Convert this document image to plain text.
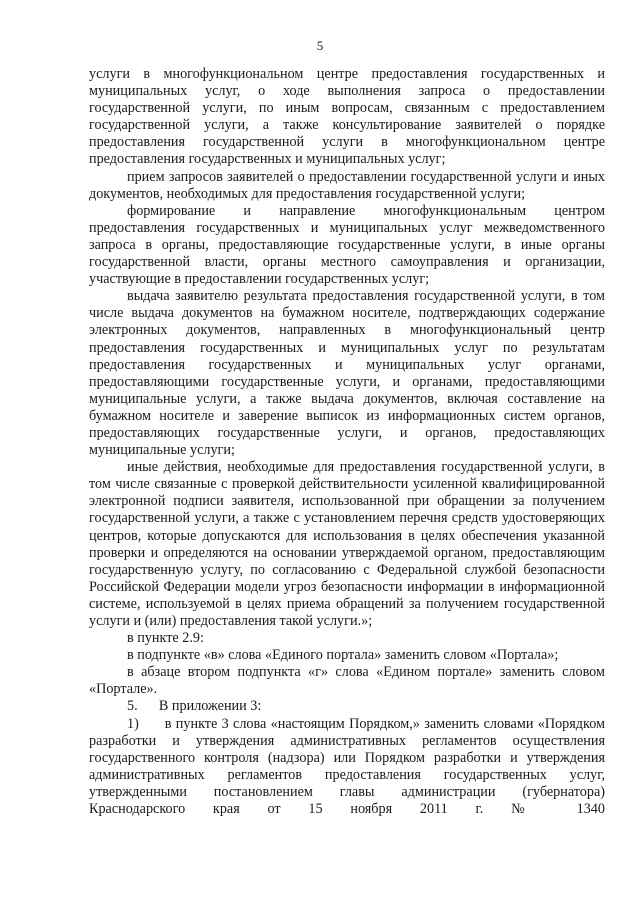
5

услуги в многофункциональном центре предоставления государственных и муниципальных услуг, о ходе выполнения запроса о предоставлении государственной услуги, по иным вопросам, связанным с предоставлением государственной услуги, а также консультирование заявителей о порядке предоставления государственной услуги в многофункциональном центре предоставления государственных и муниципальных услуг;

прием запросов заявителей о предоставлении государственной услуги и иных документов, необходимых для предоставления государственной услуги;

формирование и направление многофункциональным центром предоставления государственных и муниципальных услуг межведомственного запроса в органы, предоставляющие государственные услуги, в иные органы государственной власти, органы местного самоуправления и организации, участвующие в предоставлении государственных услуг;

выдача заявителю результата предоставления государственной услуги, в том числе выдача документов на бумажном носителе, подтверждающих содержание электронных документов, направленных в многофункциональный центр предоставления государственных и муниципальных услуг по результатам предоставления государственных и муниципальных услуг органами, предоставляющими государственные услуги, и органами, предоставляющими муниципальные услуги, а также выдача документов, включая составление на бумажном носителе и заверение выписок из информационных систем органов, предоставляющих государственные услуги, и органов, предоставляющих муниципальные услуги;

иные действия, необходимые для предоставления государственной услуги, в том числе связанные с проверкой действительности усиленной квалифицированной электронной подписи заявителя, использованной при обращении за получением государственной услуги, а также с установлением перечня средств удостоверяющих центров, которые допускаются для использования в целях обеспечения указанной проверки и определяются на основании утверждаемой органом, предоставляющим государственную услугу, по согласованию с Федеральной службой безопасности Российской Федерации модели угроз безопасности информации в информационной системе, используемой в целях приема обращений за получением государственной услуги и (или) предоставления такой услуги.»;

в пункте 2.9:

в подпункте «в» слова «Единого портала» заменить словом «Портала»;

в абзаце втором подпункта «г» слова «Едином портале» заменить словом «Портале».

5.      В приложении 3:

1)      в пункте 3 слова «настоящим Порядком,» заменить словами «Порядком разработки и утверждения административных регламентов осуществления государственного контроля (надзора) или Порядком разработки и утверждения административных регламентов предоставления государственных услуг, утвержденными постановлением главы администрации (губернатора) Краснодарского края от 15 ноября 2011 г. № 1340
